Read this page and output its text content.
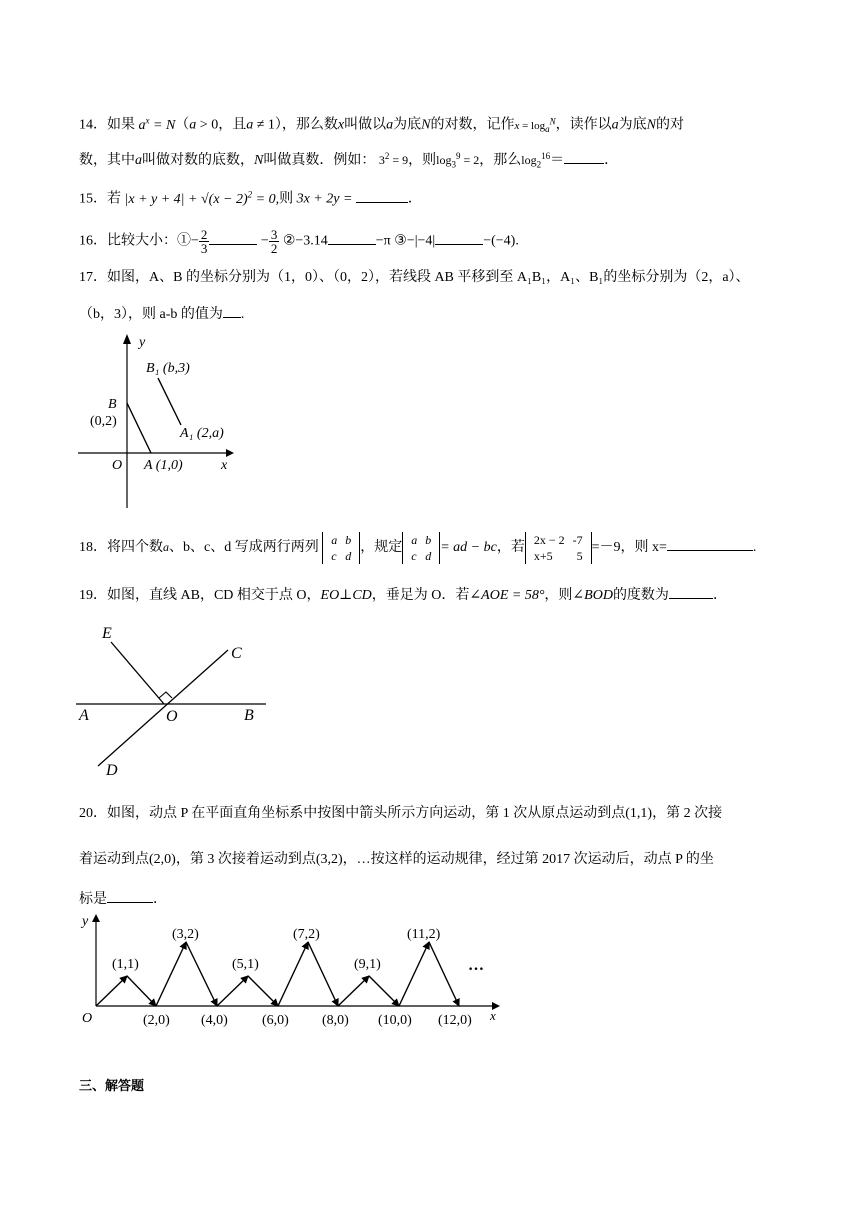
14．如果 $a^x = N(a > 0$，且a ≠ 1），那么数x叫做以a为底N的对数，记作$x = \log_a^N$，读作以a为底N的对
数，其中a叫做对数的底数，N叫做真数．例如： $3^2 = 9$，则$\log_3^9 = 2$，那么$\log_2^{16}=$	．
15．若 $|x + y + 4| + √(x - 2)^2 = 0$,则 3x + 2y =	．
16．比较大小：①− $\frac{2}{3}$	− $\frac{3}{2}$ ②−3.14	−π ③−|−4|	−(−4).
17．如图，A、B 的坐标分别为（1，0）、（0，2），若线段 AB 平移到至 A₁B₁，A₁、B₁的坐标分别为（2，a）、
（b，3），则 a-b 的值为 .
y
x
O
B
(0,2)
A (1,0)
A₁ (2,a)
B₁ (b,3)
18．将四个数a、b、c、d 写成两行两列
a	b
c	d
，规定
a	b
c	d
= ad − bc，若
2x − 2	-7
x+5	5
=－9，则 x=	.
19．如图，直线 AB，CD 相交于点 O，EO⊥CD，垂足为 O．若∠AOE = 58°，则∠BOD的度数为	．
E
C
A	O	B
D
20．如图，动点 P 在平面直角坐标系中按图中箭头所示方向运动，第 1 次从原点运动到点(1,1)，第 2 次接
着运动到点(2,0)，第 3 次接着运动到点(3,2)，…按这样的运动规律，经过第 2017 次运动后，动点 P 的坐
标是	．
y
x
O
…
(1,1)
(3,2)
(5,1)
(7,2)
(9,1)
(11,2)
(2,0) (4,0) (6,0) (8,0) (10,0) (12,0)
三、解答题
